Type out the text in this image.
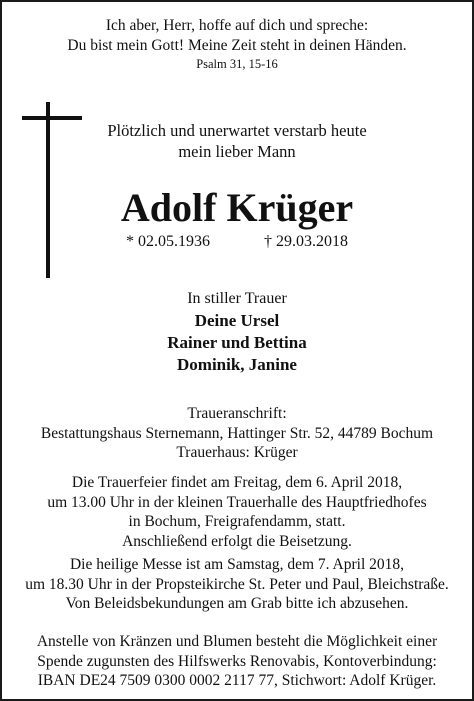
Ich aber, Herr, hoffe auf dich und spreche:
Du bist mein Gott! Meine Zeit steht in deinen Händen.
Psalm 31, 15-16
Plötzlich und unerwartet verstarb heute
mein lieber Mann
Adolf Krüger
* 02.05.1936	† 29.03.2018
In stiller Trauer
Deine Ursel
Rainer und Bettina
Dominik, Janine
Traueranschrift:
Bestattungshaus Sternemann, Hattinger Str. 52, 44789 Bochum
Trauerhaus: Krüger
Die Trauerfeier findet am Freitag, dem 6. April 2018,
um 13.00 Uhr in der kleinen Trauerhalle des Hauptfriedhofes
in Bochum, Freigrafendamm, statt.
Anschließend erfolgt die Beisetzung.
Die heilige Messe ist am Samstag, dem 7. April 2018,
um 18.30 Uhr in der Propsteikirche St. Peter und Paul, Bleichstraße.
Von Beleidsbekundungen am Grab bitte ich abzusehen.
Anstelle von Kränzen und Blumen besteht die Möglichkeit einer
Spende zugunsten des Hilfswerks Renovabis, Kontoverbindung:
IBAN DE24 7509 0300 0002 2117 77, Stichwort: Adolf Krüger.
